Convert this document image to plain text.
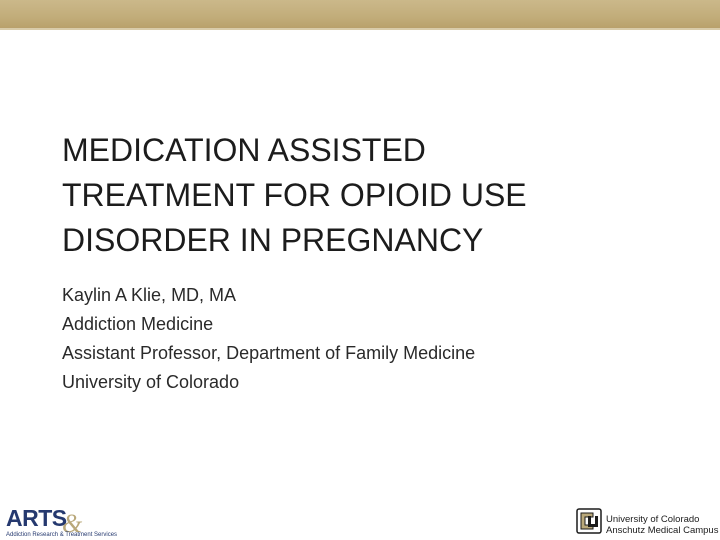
MEDICATION ASSISTED
TREATMENT FOR OPIOID USE
DISORDER IN PREGNANCY
Kaylin A Klie, MD, MA
Addiction Medicine
Assistant Professor, Department of Family Medicine
University of Colorado
ARTS
&
Addiction Research & Treatment Services
University of Colorado
Anschutz Medical Campus
